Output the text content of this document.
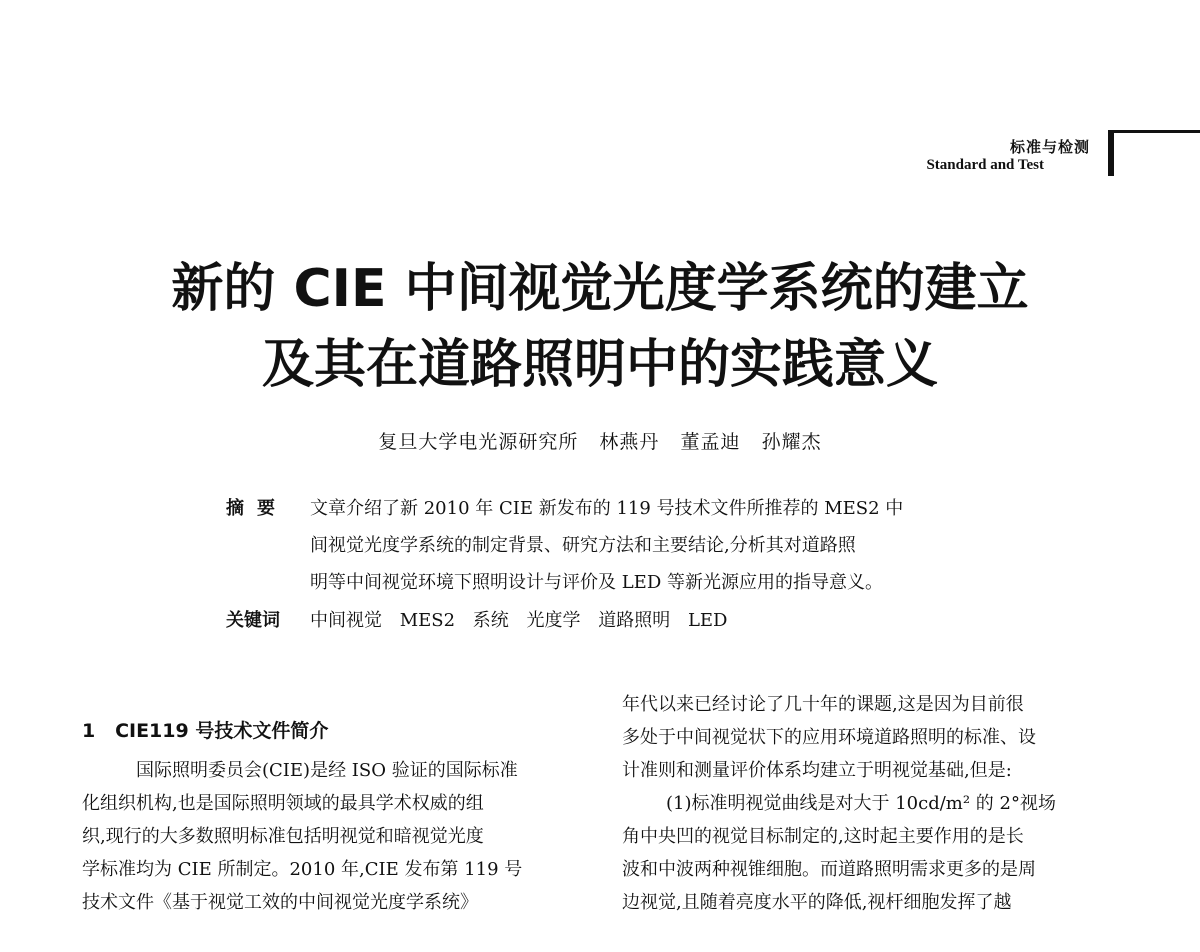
标准与检测
Standard and Test
新的 CIE 中间视觉光度学系统的建立
及其在道路照明中的实践意义
复旦大学电光源研究所   林燕丹   董孟迪   孙耀杰
摘要 文章介绍了新 2010 年 CIE 新发布的 119 号技术文件所推荐的 MES2 中
间视觉光度学系统的制定背景、研究方法和主要结论,分析其对道路照
明等中间视觉环境下照明设计与评价及 LED 等新光源应用的指导意义。
关键词 中间视觉 MES2 系统 光度学 道路照明 LED
1   CIE119 号技术文件简介
国际照明委员会(CIE)是经 ISO 验证的国际标准
化组织机构,也是国际照明领域的最具学术权威的组
织,现行的大多数照明标准包括明视觉和暗视觉光度
学标准均为 CIE 所制定。2010 年,CIE 发布第 119 号
技术文件《基于视觉工效的中间视觉光度学系统》
年代以来已经讨论了几十年的课题,这是因为目前很
多处于中间视觉状下的应用环境道路照明的标准、设
计准则和测量评价体系均建立于明视觉基础,但是:
(1)标准明视觉曲线是对大于 10cd/m² 的 2°视场
角中央凹的视觉目标制定的,这时起主要作用的是长
波和中波两种视锥细胞。而道路照明需求更多的是周
边视觉,且随着亮度水平的降低,视杆细胞发挥了越
